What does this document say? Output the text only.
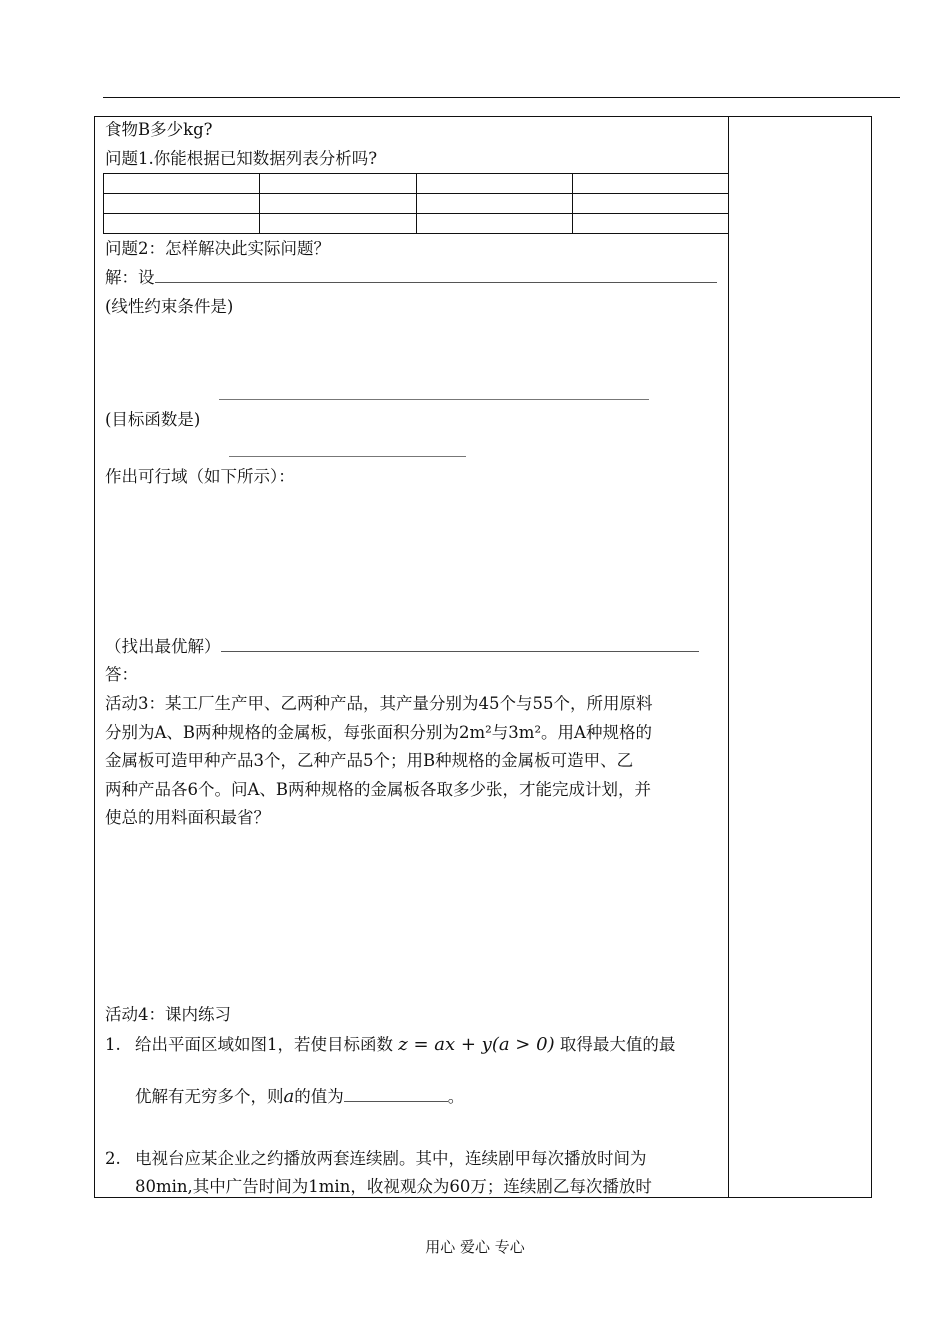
食物B多少kg?
问题1.你能根据已知数据列表分析吗?

问题2：怎样解决此实际问题？
解：设
(线性约束条件是)
(目标函数是)
作出可行域（如下所示）：
（找出最优解）
答：
活动3：某工厂生产甲、乙两种产品，其产量分别为45个与55个，所用原料
分别为A、B两种规格的金属板，每张面积分别为2m²与3m²。用A种规格的
金属板可造甲种产品3个，乙种产品5个；用B种规格的金属板可造甲、乙
两种产品各6个。问A、B两种规格的金属板各取多少张，才能完成计划，并
使总的用料面积最省？
活动4：课内练习
1. 给出平面区域如图1，若使目标函数 z = ax + y(a > 0) 取得最大值的最
优解有无穷多个，则a的值为	。
2. 电视台应某企业之约播放两套连续剧。其中，连续剧甲每次播放时间为
80min,其中广告时间为1min，收视观众为60万；连续剧乙每次播放时
用心 爱心 专心
